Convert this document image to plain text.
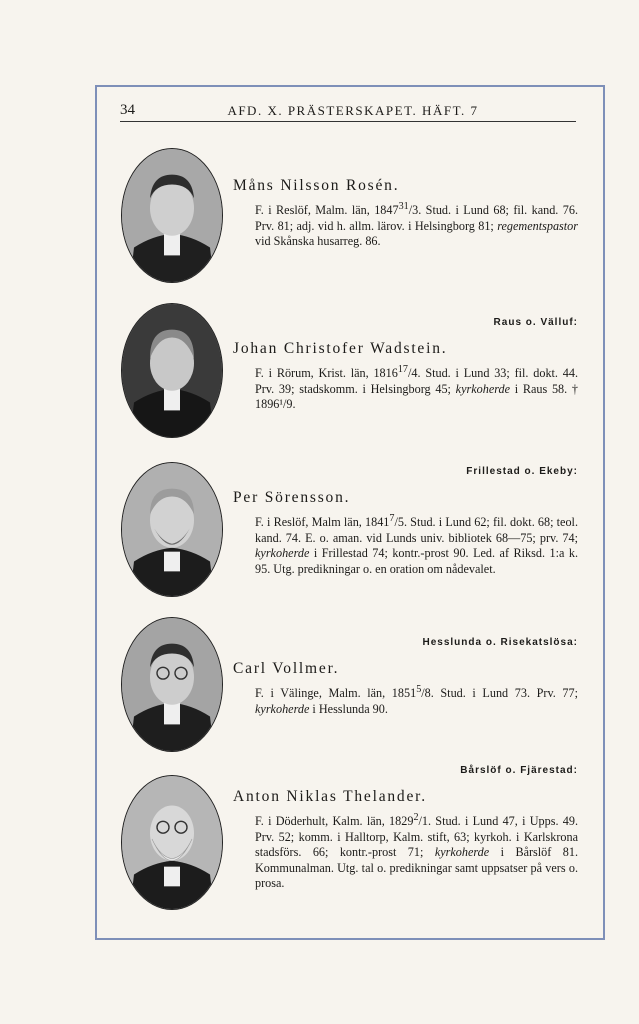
34	AFD. X. PRÄSTERSKAPET. HÄFT. 7
Måns Nilsson Rosén.
F. i Reslöf, Malm. län, 1847$^{31}$/3. Stud. i Lund 68; fil. kand. 76. Prv. 81; adj. vid h. allm. lärov. i Helsingborg 81; regementspastor vid Skånska husarreg. 86.
Raus o. Välluf:
Johan Christofer Wadstein.
F. i Rörum, Krist. län, 1816$^{17}$/4. Stud. i Lund 33; fil. dokt. 44. Prv. 39; stadskomm. i Helsingborg 45; kyrkoherde i Raus 58. † 1896¹/9.
Frillestad o. Ekeby:
Per Sörensson.
F. i Reslöf, Malm län, 1841$^7$/5. Stud. i Lund 62; fil. dokt. 68; teol. kand. 74. E. o. aman. vid Lunds univ. bibliotek 68—75; prv. 74; kyrkoherde i Frillestad 74; kontr.-prost 90. Led. af Riksd. 1:a k. 95. Utg. predikningar o. en oration om nådevalet.
Hesslunda o. Risekatslösa:
Carl Vollmer.
F. i Välinge, Malm. län, 1851$^5$/8. Stud. i Lund 73. Prv. 77; kyrkoherde i Hesslunda 90.
Bårslöf o. Fjärestad:
Anton Niklas Thelander.
F. i Döderhult, Kalm. län, 1829$^2$/1. Stud. i Lund 47, i Upps. 49. Prv. 52; komm. i Halltorp, Kalm. stift, 63; kyrkoh. i Karlskrona stadsförs. 66; kontr.-prost 71; kyrkoherde i Bårslöf 81. Kommunalman. Utg. tal o. predikningar samt uppsatser på vers o. prosa.
